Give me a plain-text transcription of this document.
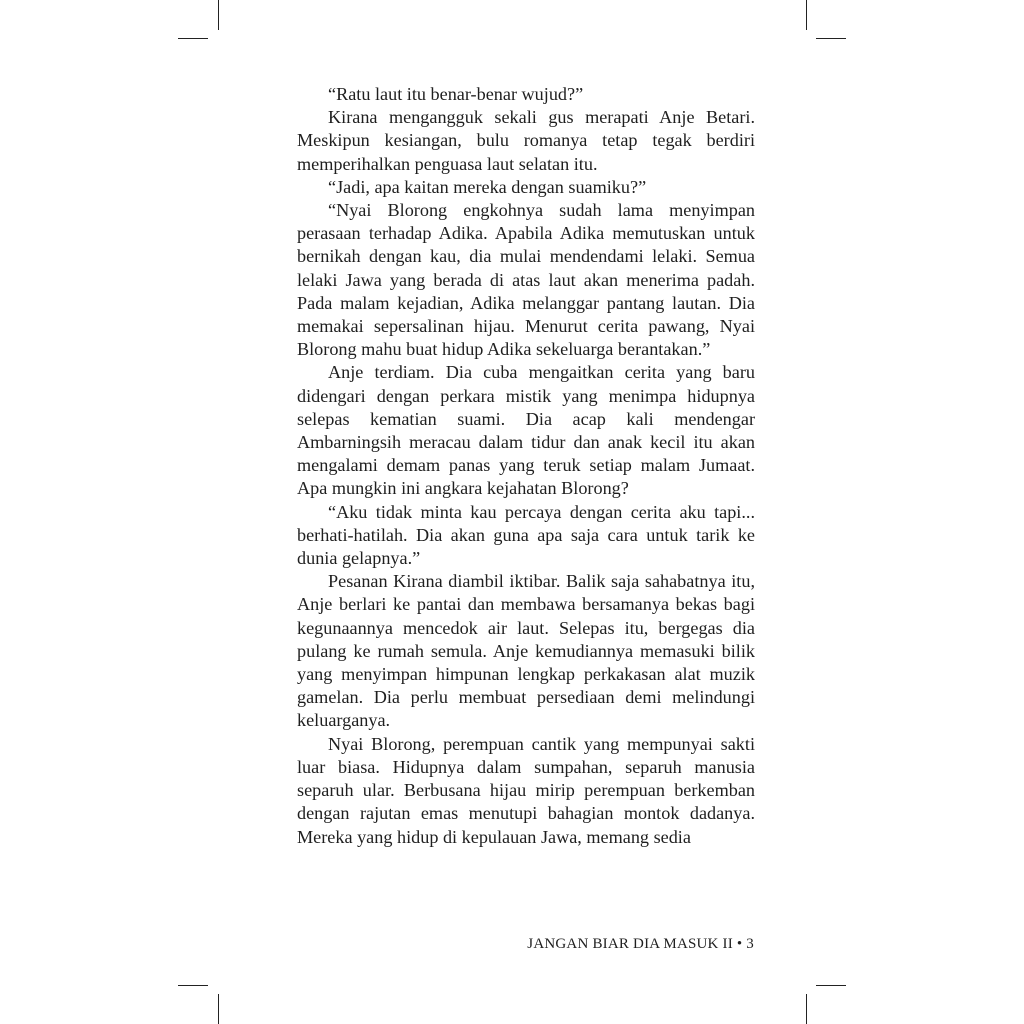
“Ratu laut itu benar-benar wujud?”

Kirana mengangguk sekali gus merapati Anje Betari. Meskipun kesiangan, bulu romanya tetap tegak berdiri memperihalkan penguasa laut selatan itu.

“Jadi, apa kaitan mereka dengan suamiku?”

“Nyai Blorong engkohnya sudah lama menyimpan perasaan terhadap Adika. Apabila Adika memutuskan untuk bernikah dengan kau, dia mulai mendendami lelaki. Semua lelaki Jawa yang berada di atas laut akan menerima padah. Pada malam kejadian, Adika melanggar pantang lautan. Dia memakai sepersalinan hijau. Menurut cerita pawang, Nyai Blorong mahu buat hidup Adika sekeluarga berantakan.”

Anje terdiam. Dia cuba mengaitkan cerita yang baru didengari dengan perkara mistik yang menimpa hidupnya selepas kematian suami. Dia acap kali mendengar Ambarningsih meracau dalam tidur dan anak kecil itu akan mengalami demam panas yang teruk setiap malam Jumaat. Apa mungkin ini angkara kejahatan Blorong?

“Aku tidak minta kau percaya dengan cerita aku tapi... berhati-hatilah. Dia akan guna apa saja cara untuk tarik ke dunia gelapnya.”

Pesanan Kirana diambil iktibar. Balik saja sahabatnya itu, Anje berlari ke pantai dan membawa bersamanya bekas bagi kegunaannya mencedok air laut. Selepas itu, bergegas dia pulang ke rumah semula. Anje kemudiannya memasuki bilik yang menyimpan himpunan lengkap perkakasan alat muzik gamelan. Dia perlu membuat persediaan demi melindungi keluarganya.

Nyai Blorong, perempuan cantik yang mempunyai sakti luar biasa. Hidupnya dalam sumpahan, separuh manusia separuh ular. Berbusana hijau mirip perempuan berkemban dengan rajutan emas menutupi bahagian montok dadanya. Mereka yang hidup di kepulauan Jawa, memang sedia

JANGAN BIAR DIA MASUK II • 3
